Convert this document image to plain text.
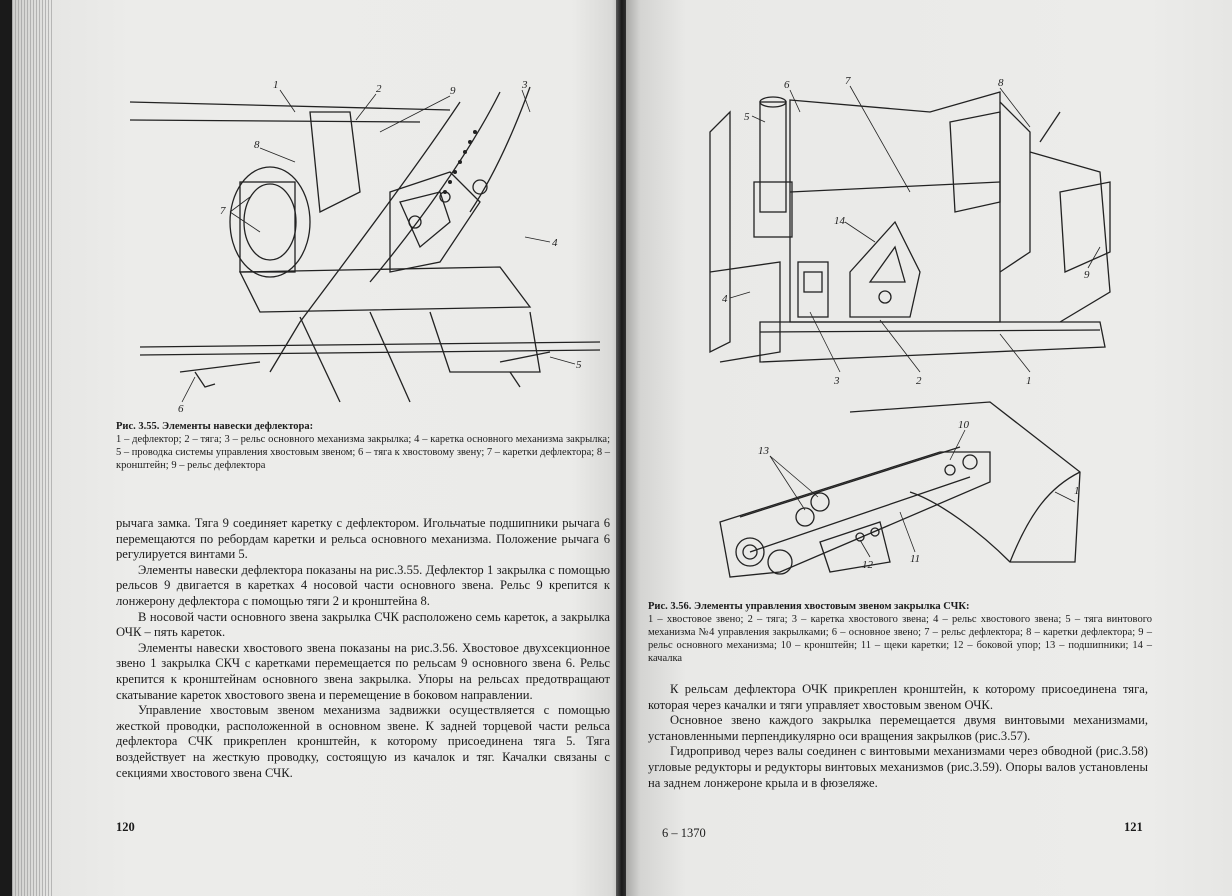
1	2	9	3
8
7
4
5
6
Рис. 3.55. Элементы навески дефлектора:
1 – дефлектор; 2 – тяга; 3 – рельс основного механизма закрылка; 4 – каретка основного механизма закрылка; 5 – проводка системы управления хвостовым звеном; 6 – тяга к хвостовому звену; 7 – каретки дефлектора; 8 – кронштейн; 9 – рельс дефлектора

рычага замка. Тяга 9 соединяет каретку с дефлектором. Игольчатые подшипники рычага 6 перемещаются по ребордам каретки и рельса основного механизма. Положение рычага 6 регулируется винтами 5.

Элементы навески дефлектора показаны на рис.3.55. Дефлектор 1 закрылка с помощью рельсов 9 двигается в каретках 4 носовой части основного звена. Рельс 9 крепится к лонжерону дефлектора с помощью тяги 2 и кронштейна 8.

В носовой части основного звена закрылка СЧК расположено семь кареток, а закрылка ОЧК – пять кареток.

Элементы навески хвостового звена показаны на рис.3.56. Хвостовое двухсекционное звено 1 закрылка СКЧ с каретками перемещается по рельсам 9 основного звена 6. Рельс крепится к кронштейнам основного звена закрылка. Упоры на рельсах предотвращают скатывание кареток хвостового звена и перемещение в боковом направлении.

Управление хвостовым звеном механизма задвижки осуществляется с помощью жесткой проводки, расположенной в основном звене. К задней торцевой части рельса дефлектора СЧК прикреплен кронштейн, к которому присоединена тяга 5. Тяга воздействует на жесткую проводку, состоящую из качалок и тяг. Качалки связаны с секциями хвостового звена СЧК.

120
6	7	8
5
14
4
9
3	2	1
10
13
1
12	11
Рис. 3.56. Элементы управления хвостовым звеном закрылка СЧК:
1 – хвостовое звено; 2 – тяга; 3 – каретка хвостового звена; 4 – рельс хвостового звена; 5 – тяга винтового механизма №4 управления закрылками; 6 – основное звено; 7 – рельс дефлектора; 8 – каретки дефлектора; 9 – рельс основного механизма; 10 – кронштейн; 11 – щеки каретки; 12 – боковой упор; 13 – подшипники; 14 – качалка

К рельсам дефлектора ОЧК прикреплен кронштейн, к которому присоединена тяга, которая через качалки и тяги управляет хвостовым звеном ОЧК.

Основное звено каждого закрылка перемещается двумя винтовыми механизмами, установленными перпендикулярно оси вращения закрылков (рис.3.57).

Гидропривод через валы соединен с винтовыми механизмами через обводной (рис.3.58) угловые редукторы и редукторы винтовых механизмов (рис.3.59). Опоры валов установлены на заднем лонжероне крыла и в фюзеляже.

6 – 1370	121
